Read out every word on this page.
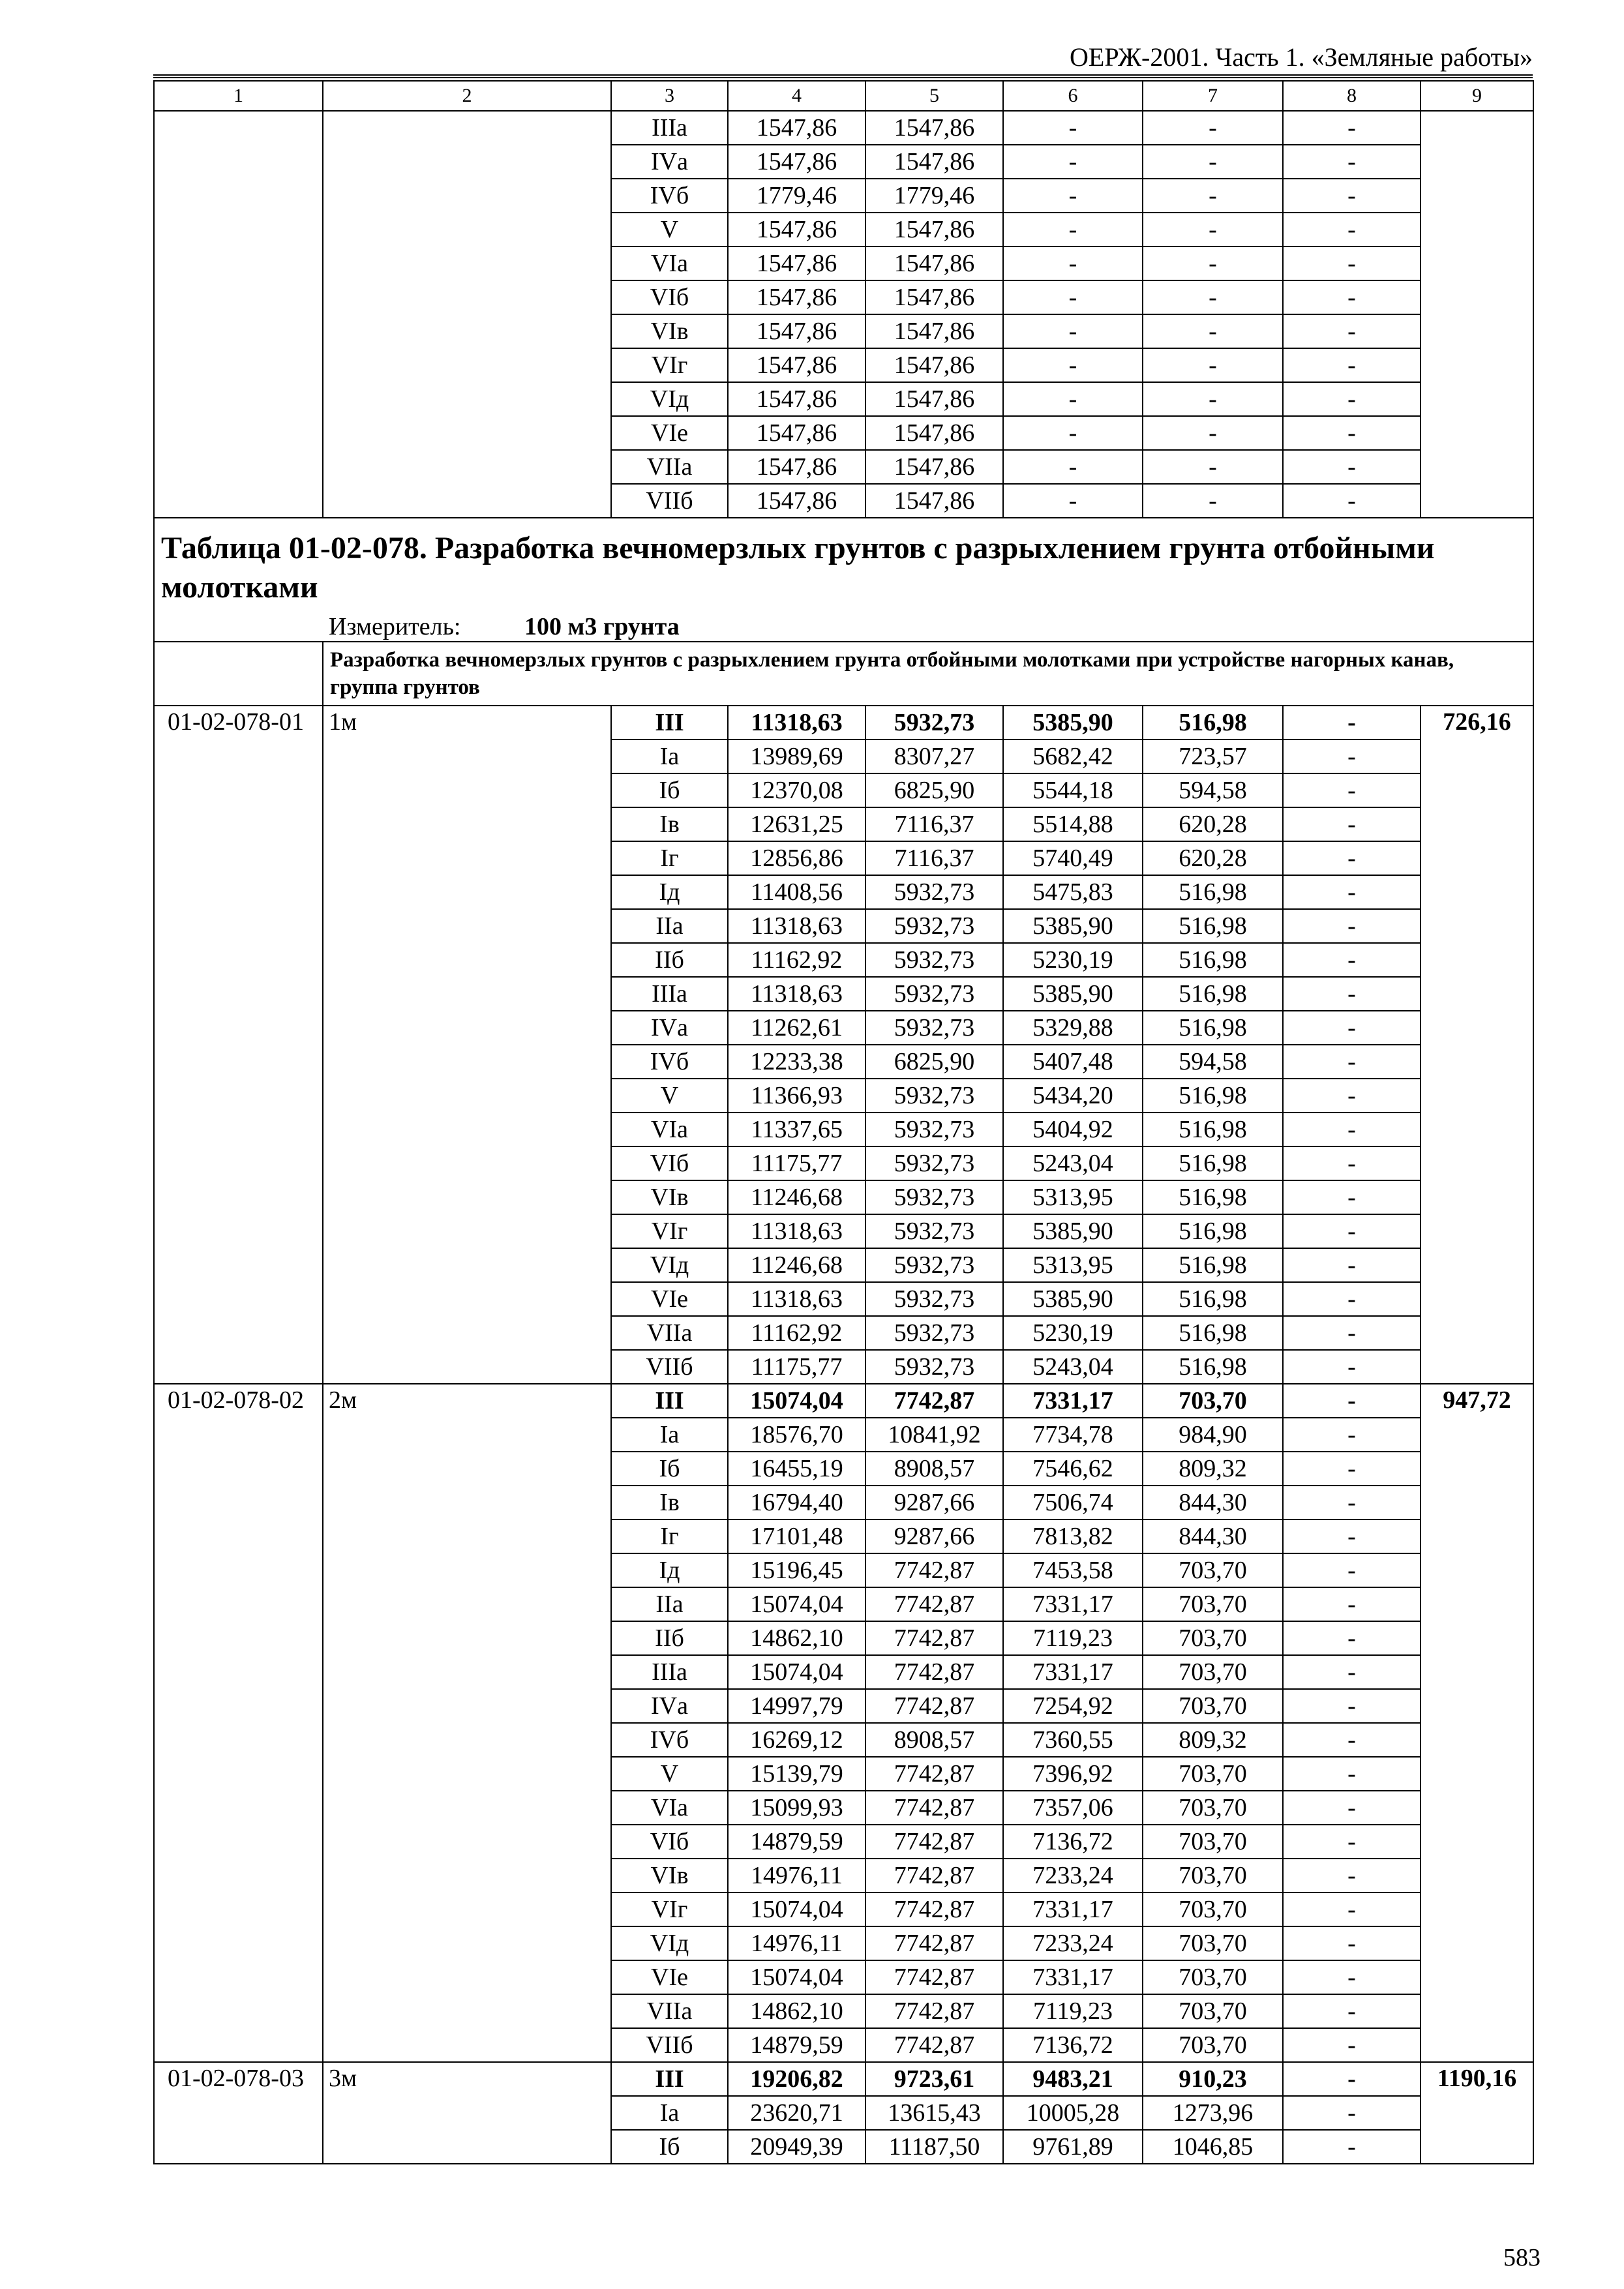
ОЕРЖ-2001. Часть 1. «Земляные работы»
1	2	3	4	5	6	7	8	9
		IIIа	1547,86	1547,86	-	-	-	
		IVа	1547,86	1547,86	-	-	-	
		IVб	1779,46	1779,46	-	-	-	
		V	1547,86	1547,86	-	-	-	
		VIа	1547,86	1547,86	-	-	-	
		VIб	1547,86	1547,86	-	-	-	
		VIв	1547,86	1547,86	-	-	-	
		VIг	1547,86	1547,86	-	-	-	
		VIд	1547,86	1547,86	-	-	-	
		VIе	1547,86	1547,86	-	-	-	
		VIIа	1547,86	1547,86	-	-	-	
		VIIб	1547,86	1547,86	-	-	-	
Таблица 01-02-078. Разработка вечномерзлых грунтов с разрыхлением грунта отбойными молотками								
Измеритель: 100 м3 грунта								
	Разработка вечномерзлых грунтов с разрыхлением грунта отбойными молотками при устройстве нагорных канав, группа грунтов							
01-02-078-01	1м	III	11318,63	5932,73	5385,90	516,98	-	726,16
		Iа	13989,69	8307,27	5682,42	723,57	-	
		Iб	12370,08	6825,90	5544,18	594,58	-	
		Iв	12631,25	7116,37	5514,88	620,28	-	
		Iг	12856,86	7116,37	5740,49	620,28	-	
		Iд	11408,56	5932,73	5475,83	516,98	-	
		IIа	11318,63	5932,73	5385,90	516,98	-	
		IIб	11162,92	5932,73	5230,19	516,98	-	
		IIIа	11318,63	5932,73	5385,90	516,98	-	
		IVа	11262,61	5932,73	5329,88	516,98	-	
		IVб	12233,38	6825,90	5407,48	594,58	-	
		V	11366,93	5932,73	5434,20	516,98	-	
		VIа	11337,65	5932,73	5404,92	516,98	-	
		VIб	11175,77	5932,73	5243,04	516,98	-	
		VIв	11246,68	5932,73	5313,95	516,98	-	
		VIг	11318,63	5932,73	5385,90	516,98	-	
		VIд	11246,68	5932,73	5313,95	516,98	-	
		VIе	11318,63	5932,73	5385,90	516,98	-	
		VIIа	11162,92	5932,73	5230,19	516,98	-	
		VIIб	11175,77	5932,73	5243,04	516,98	-	
01-02-078-02	2м	III	15074,04	7742,87	7331,17	703,70	-	947,72
		Iа	18576,70	10841,92	7734,78	984,90	-	
		Iб	16455,19	8908,57	7546,62	809,32	-	
		Iв	16794,40	9287,66	7506,74	844,30	-	
		Iг	17101,48	9287,66	7813,82	844,30	-	
		Iд	15196,45	7742,87	7453,58	703,70	-	
		IIа	15074,04	7742,87	7331,17	703,70	-	
		IIб	14862,10	7742,87	7119,23	703,70	-	
		IIIа	15074,04	7742,87	7331,17	703,70	-	
		IVа	14997,79	7742,87	7254,92	703,70	-	
		IVб	16269,12	8908,57	7360,55	809,32	-	
		V	15139,79	7742,87	7396,92	703,70	-	
		VIа	15099,93	7742,87	7357,06	703,70	-	
		VIб	14879,59	7742,87	7136,72	703,70	-	
		VIв	14976,11	7742,87	7233,24	703,70	-	
		VIг	15074,04	7742,87	7331,17	703,70	-	
		VIд	14976,11	7742,87	7233,24	703,70	-	
		VIе	15074,04	7742,87	7331,17	703,70	-	
		VIIа	14862,10	7742,87	7119,23	703,70	-	
		VIIб	14879,59	7742,87	7136,72	703,70	-	
01-02-078-03	3м	III	19206,82	9723,61	9483,21	910,23	-	1190,16
		Iа	23620,71	13615,43	10005,28	1273,96	-	
		Iб	20949,39	11187,50	9761,89	1046,85	-	
583
